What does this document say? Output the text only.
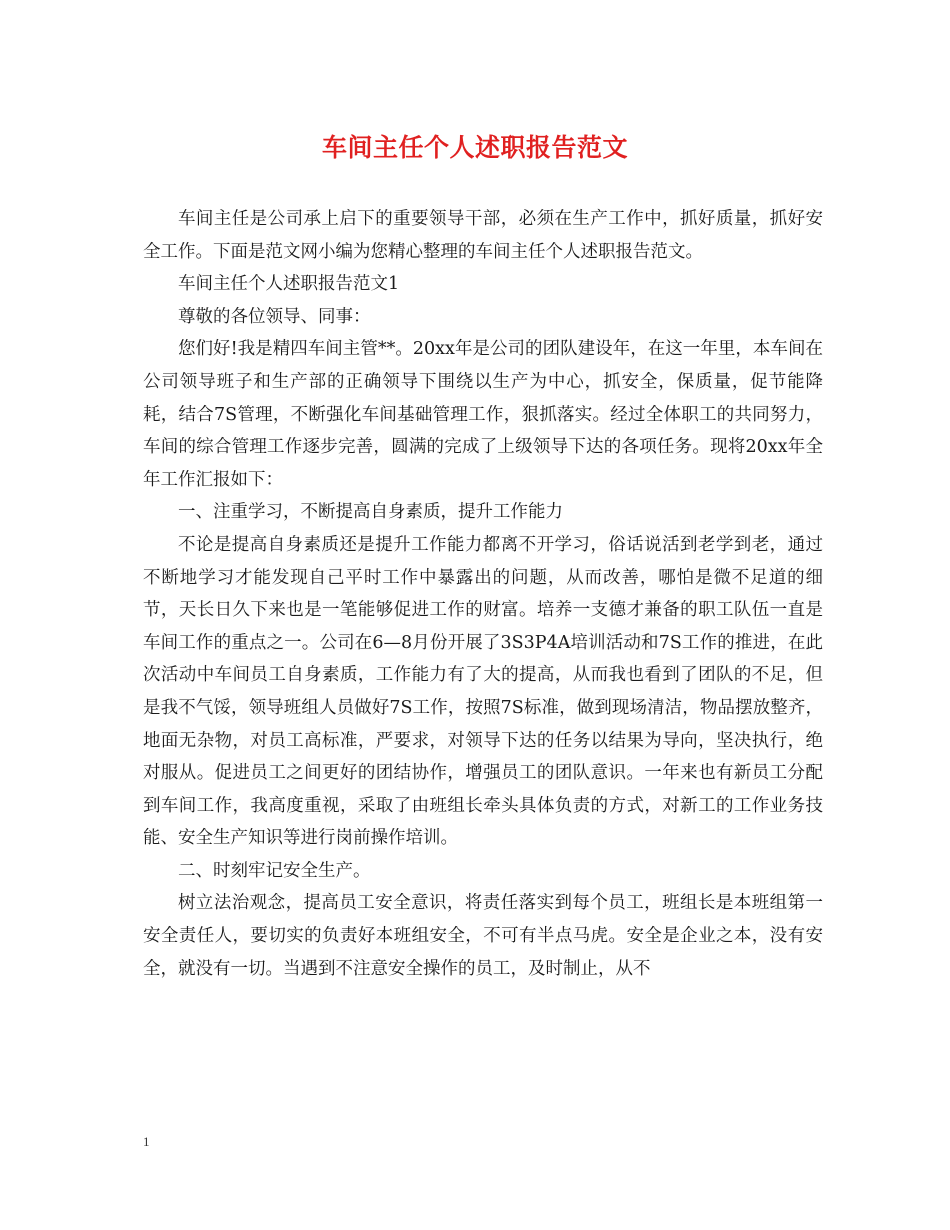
车间主任个人述职报告范文

车间主任是公司承上启下的重要领导干部，必须在生产工作中，抓好质量，抓好安全工作。下面是范文网小编为您精心整理的车间主任个人述职报告范文。

车间主任个人述职报告范文1

尊敬的各位领导、同事：

您们好!我是精四车间主管**。20xx年是公司的团队建设年，在这一年里，本车间在公司领导班子和生产部的正确领导下围绕以生产为中心，抓安全，保质量，促节能降耗，结合7S管理，不断强化车间基础管理工作，狠抓落实。经过全体职工的共同努力，车间的综合管理工作逐步完善，圆满的完成了上级领导下达的各项任务。现将20xx年全年工作汇报如下：

一、注重学习，不断提高自身素质，提升工作能力

不论是提高自身素质还是提升工作能力都离不开学习，俗话说活到老学到老，通过不断地学习才能发现自己平时工作中暴露出的问题，从而改善，哪怕是微不足道的细节，天长日久下来也是一笔能够促进工作的财富。培养一支德才兼备的职工队伍一直是车间工作的重点之一。公司在6—8月份开展了3S3P4A培训活动和7S工作的推进，在此次活动中车间员工自身素质，工作能力有了大的提高，从而我也看到了团队的不足，但是我不气馁，领导班组人员做好7S工作，按照7S标准，做到现场清洁，物品摆放整齐，地面无杂物，对员工高标准，严要求，对领导下达的任务以结果为导向，坚决执行，绝对服从。促进员工之间更好的团结协作，增强员工的团队意识。一年来也有新员工分配到车间工作，我高度重视，采取了由班组长牵头具体负责的方式，对新工的工作业务技能、安全生产知识等进行岗前操作培训。

二、时刻牢记安全生产。

树立法治观念，提高员工安全意识，将责任落实到每个员工，班组长是本班组第一安全责任人，要切实的负责好本班组安全，不可有半点马虎。安全是企业之本，没有安全，就没有一切。当遇到不注意安全操作的员工，及时制止，从不

1
